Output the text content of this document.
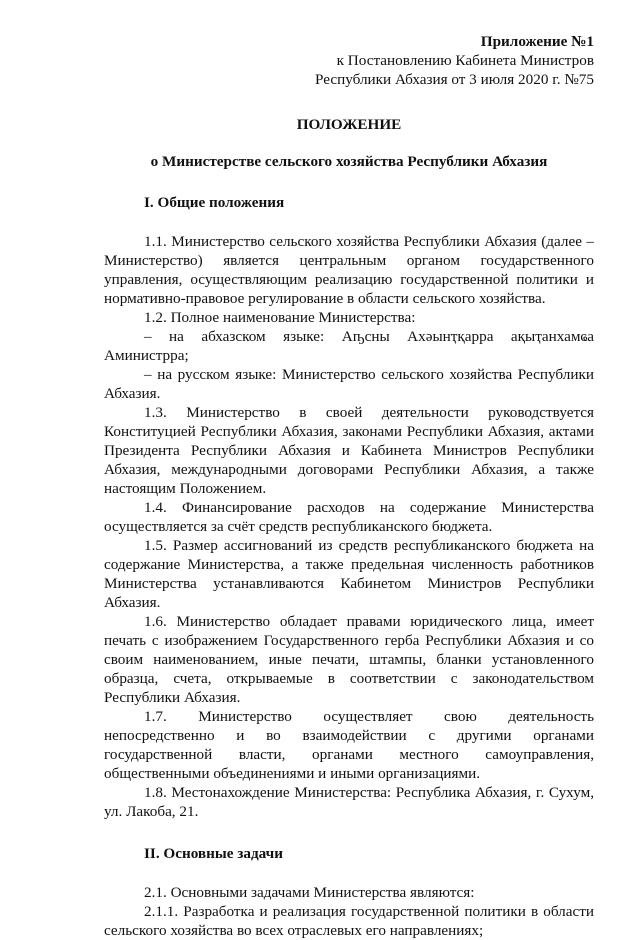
Приложение №1
к Постановлению Кабинета Министров
Республики Абхазия от 3 июля 2020 г. №75
ПОЛОЖЕНИЕ
о Министерстве сельского хозяйства Республики Абхазия
I. Общие положения

1.1. Министерство сельского хозяйства Республики Абхазия (далее – Министерство) является центральным органом государственного управления, осуществляющим реализацию государственной политики и нормативно-правовое регулирование в области сельского хозяйства.

1.2. Полное наименование Министерства:

– на абхазском языке: Аҧсны Ахәынҭқарра ақыҭанхамҩа Аминистрра;

– на русском языке: Министерство сельского хозяйства Республики Абхазия.

1.3. Министерство в своей деятельности руководствуется Конституцией Республики Абхазия, законами Республики Абхазия, актами Президента Республики Абхазия и Кабинета Министров Республики Абхазия, международными договорами Республики Абхазия, а также настоящим Положением.

1.4. Финансирование расходов на содержание Министерства осуществляется за счёт средств республиканского бюджета.

1.5. Размер ассигнований из средств республиканского бюджета на содержание Министерства, а также предельная численность работников Министерства устанавливаются Кабинетом Министров Республики Абхазия.

1.6. Министерство обладает правами юридического лица, имеет печать с изображением Государственного герба Республики Абхазия и со своим наименованием, иные печати, штампы, бланки установленного образца, счета, открываемые в соответствии с законодательством Республики Абхазия.

1.7. Министерство осуществляет свою деятельность непосредственно и во взаимодействии с другими органами государственной власти, органами местного самоуправления, общественными объединениями и иными организациями.

1.8. Местонахождение Министерства: Республика Абхазия, г. Сухум, ул. Лакоба, 21.

II. Основные задачи

2.1. Основными задачами Министерства являются:

2.1.1. Разработка и реализация государственной политики в области сельского хозяйства во всех отраслевых его направлениях;
